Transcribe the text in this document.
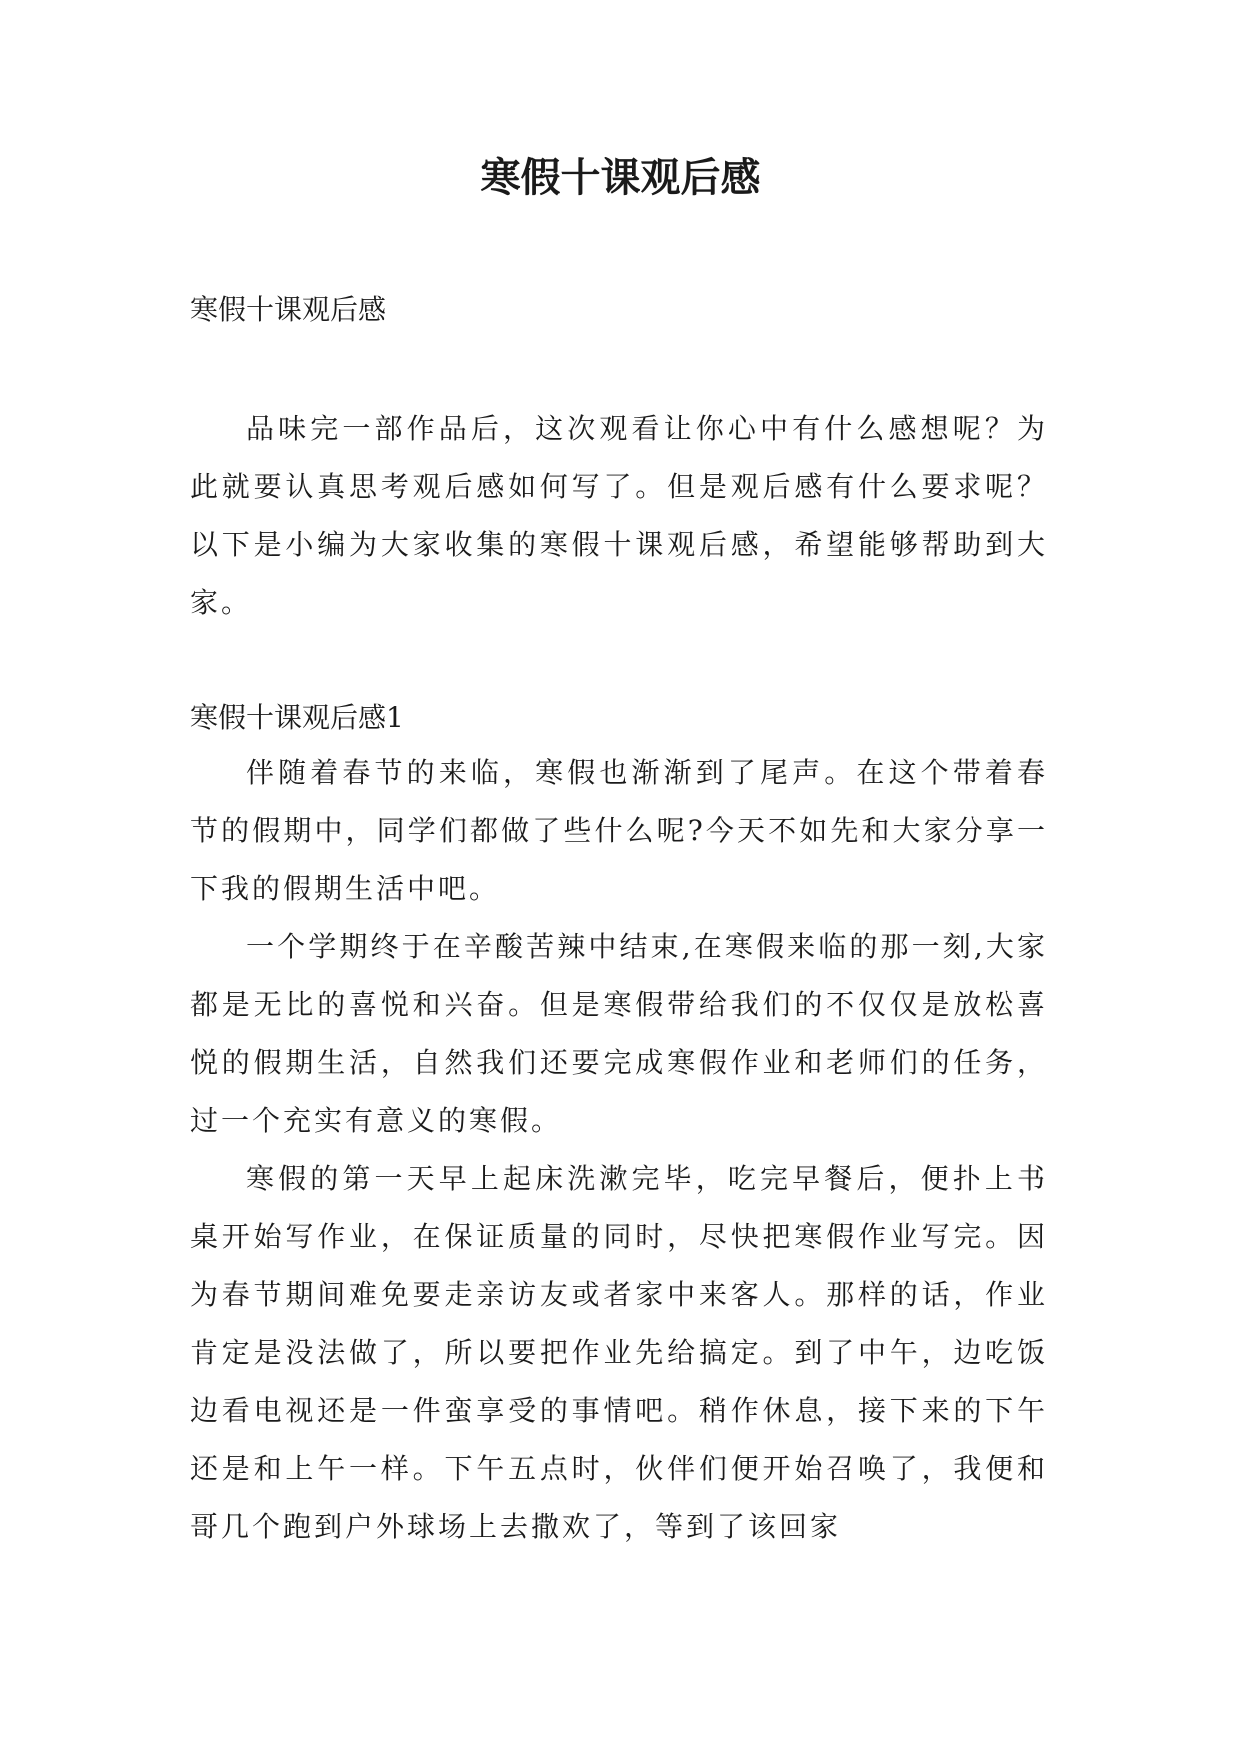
寒假十课观后感

寒假十课观后感

品味完一部作品后，这次观看让你心中有什么感想呢？为此就要认真思考观后感如何写了。但是观后感有什么要求呢？以下是小编为大家收集的寒假十课观后感，希望能够帮助到大家。

寒假十课观后感1

伴随着春节的来临，寒假也渐渐到了尾声。在这个带着春节的假期中，同学们都做了些什么呢?今天不如先和大家分享一下我的假期生活中吧。

一个学期终于在辛酸苦辣中结束,在寒假来临的那一刻,大家都是无比的喜悦和兴奋。但是寒假带给我们的不仅仅是放松喜悦的假期生活，自然我们还要完成寒假作业和老师们的任务，过一个充实有意义的寒假。

寒假的第一天早上起床洗漱完毕，吃完早餐后，便扑上书桌开始写作业，在保证质量的同时，尽快把寒假作业写完。因为春节期间难免要走亲访友或者家中来客人。那样的话，作业肯定是没法做了，所以要把作业先给搞定。到了中午，边吃饭边看电视还是一件蛮享受的事情吧。稍作休息，接下来的下午还是和上午一样。下午五点时，伙伴们便开始召唤了，我便和哥几个跑到户外球场上去撒欢了，等到了该回家
